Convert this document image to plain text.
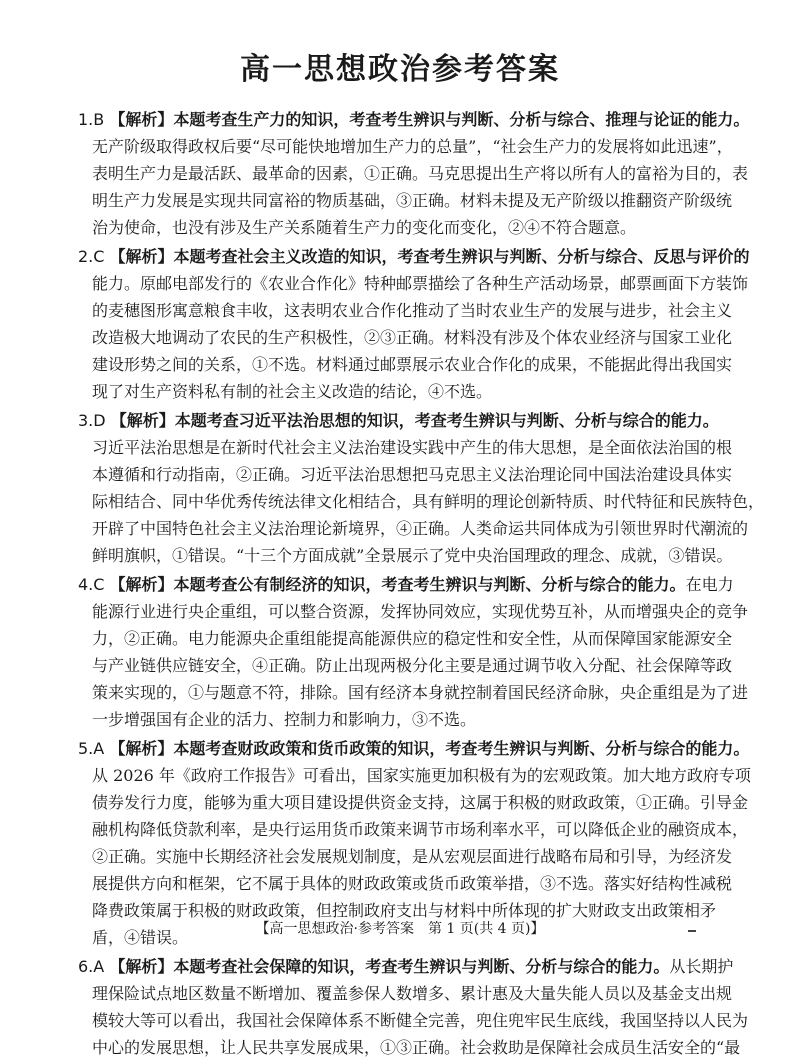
高一思想政治参考答案
1.B 【解析】本题考查生产力的知识，考查考生辨识与判断、分析与综合、推理与论证的能力。
无产阶级取得政权后要“尽可能快地增加生产力的总量”，“社会生产力的发展将如此迅速”，
表明生产力是最活跃、最革命的因素，①正确。马克思提出生产将以所有人的富裕为目的，表
明生产力发展是实现共同富裕的物质基础，③正确。材料未提及无产阶级以推翻资产阶级统
治为使命，也没有涉及生产关系随着生产力的变化而变化，②④不符合题意。
2.C 【解析】本题考查社会主义改造的知识，考查考生辨识与判断、分析与综合、反思与评价的
能力。原邮电部发行的《农业合作化》特种邮票描绘了各种生产活动场景，邮票画面下方装饰
的麦穗图形寓意粮食丰收，这表明农业合作化推动了当时农业生产的发展与进步，社会主义
改造极大地调动了农民的生产积极性，②③正确。材料没有涉及个体农业经济与国家工业化
建设形势之间的关系，①不选。材料通过邮票展示农业合作化的成果，不能据此得出我国实
现了对生产资料私有制的社会主义改造的结论，④不选。
3.D 【解析】本题考查习近平法治思想的知识，考查考生辨识与判断、分析与综合的能力。
习近平法治思想是在新时代社会主义法治建设实践中产生的伟大思想，是全面依法治国的根
本遵循和行动指南，②正确。习近平法治思想把马克思主义法治理论同中国法治建设具体实
际相结合、同中华优秀传统法律文化相结合，具有鲜明的理论创新特质、时代特征和民族特色，
开辟了中国特色社会主义法治理论新境界，④正确。人类命运共同体成为引领世界时代潮流的
鲜明旗帜，①错误。“十三个方面成就”全景展示了党中央治国理政的理念、成就，③错误。
4.C 【解析】本题考查公有制经济的知识，考查考生辨识与判断、分析与综合的能力。在电力
能源行业进行央企重组，可以整合资源，发挥协同效应，实现优势互补，从而增强央企的竞争
力，②正确。电力能源央企重组能提高能源供应的稳定性和安全性，从而保障国家能源安全
与产业链供应链安全，④正确。防止出现两极分化主要是通过调节收入分配、社会保障等政
策来实现的，①与题意不符，排除。国有经济本身就控制着国民经济命脉，央企重组是为了进
一步增强国有企业的活力、控制力和影响力，③不选。
5.A 【解析】本题考查财政政策和货币政策的知识，考查考生辨识与判断、分析与综合的能力。
从 2026 年《政府工作报告》可看出，国家实施更加积极有为的宏观政策。加大地方政府专项
债券发行力度，能够为重大项目建设提供资金支持，这属于积极的财政政策，①正确。引导金
融机构降低贷款利率，是央行运用货币政策来调节市场利率水平，可以降低企业的融资成本，
②正确。实施中长期经济社会发展规划制度，是从宏观层面进行战略布局和引导，为经济发
展提供方向和框架，它不属于具体的财政政策或货币政策举措，③不选。落实好结构性减税
降费政策属于积极的财政政策，但控制政府支出与材料中所体现的扩大财政支出政策相矛
盾，④错误。
6.A 【解析】本题考查社会保障的知识，考查考生辨识与判断、分析与综合的能力。从长期护
理保险试点地区数量不断增加、覆盖参保人数增多、累计惠及大量失能人员以及基金支出规
模较大等可以看出，我国社会保障体系不断健全完善，兜住兜牢民生底线，我国坚持以人民为
中心的发展思想，让人民共享发展成果，①③正确。社会救助是保障社会成员生活安全的“最
【高一思想政治·参考答案　第 1 页(共 4 页)】
